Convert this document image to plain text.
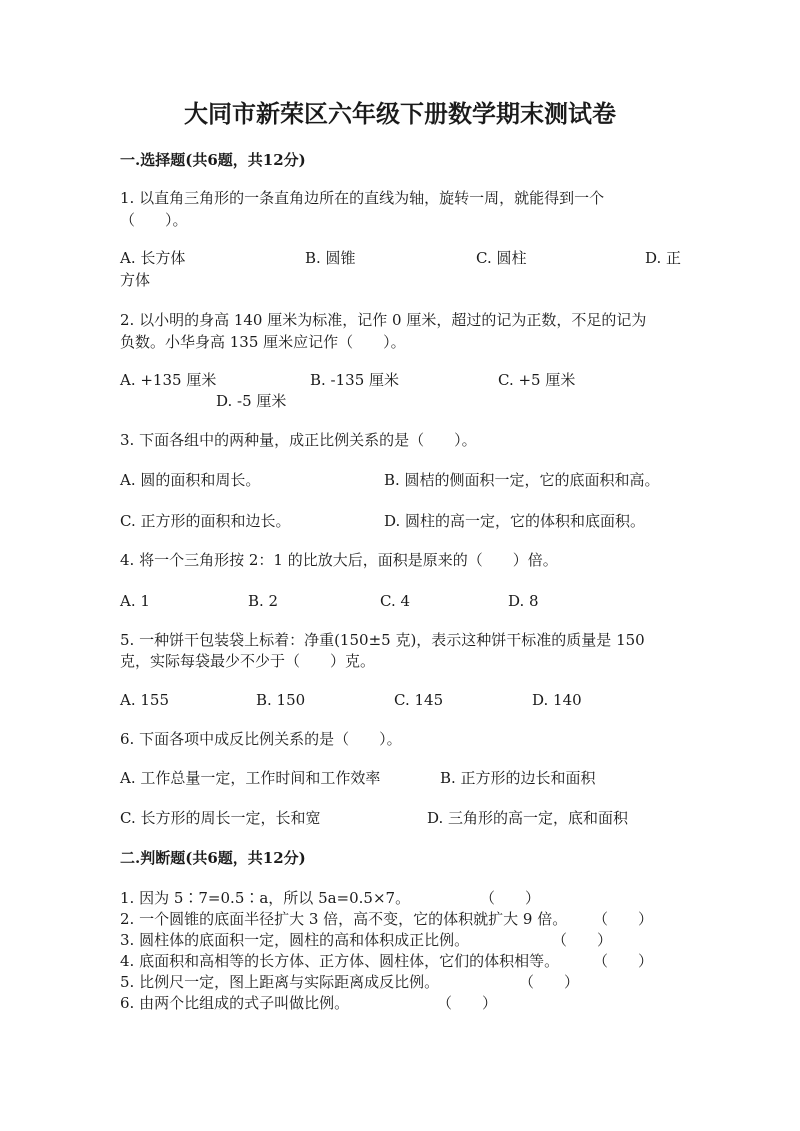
大同市新荣区六年级下册数学期末测试卷
一.选择题(共6题，共12分)
1. 以直角三角形的一条直角边所在的直线为轴，旋转一周，就能得到一个
（　　）。
A. 长方体	B. 圆锥	C. 圆柱	D. 正
方体
2. 以小明的身高 140 厘米为标准，记作 0 厘米，超过的记为正数，不足的记为
负数。小华身高 135 厘米应记作（　　）。
A. +135 厘米	B. -135 厘米	C. +5 厘米
D. -5 厘米
3. 下面各组中的两种量，成正比例关系的是（　　）。
A. 圆的面积和周长。	B. 圆桔的侧面积一定，它的底面积和高。
C. 正方形的面积和边长。	D. 圆柱的高一定，它的体积和底面积。
4. 将一个三角形按 2：1 的比放大后，面积是原来的（　　）倍。
A. 1	B. 2	C. 4	D. 8
5. 一种饼干包装袋上标着：净重(150±5 克)，表示这种饼干标准的质量是 150
克，实际每袋最少不少于（　　）克。
A. 155	B. 150	C. 145	D. 140
6. 下面各项中成反比例关系的是（　　）。
A. 工作总量一定，工作时间和工作效率	B. 正方形的边长和面积
C. 长方形的周长一定，长和宽	D. 三角形的高一定，底和面积
二.判断题(共6题，共12分)
1. 因为 5∶7=0.5∶a，所以 5a=0.5×7。	（　　）
2. 一个圆锥的底面半径扩大 3 倍，高不变，它的体积就扩大 9 倍。 （　　）
3. 圆柱体的底面积一定，圆柱的高和体积成正比例。	（　　）
4. 底面积和高相等的长方体、正方体、圆柱体，它们的体积相等。 （　　）
5. 比例尺一定，图上距离与实际距离成反比例。	（　　）
6. 由两个比组成的式子叫做比例。	（　　）
